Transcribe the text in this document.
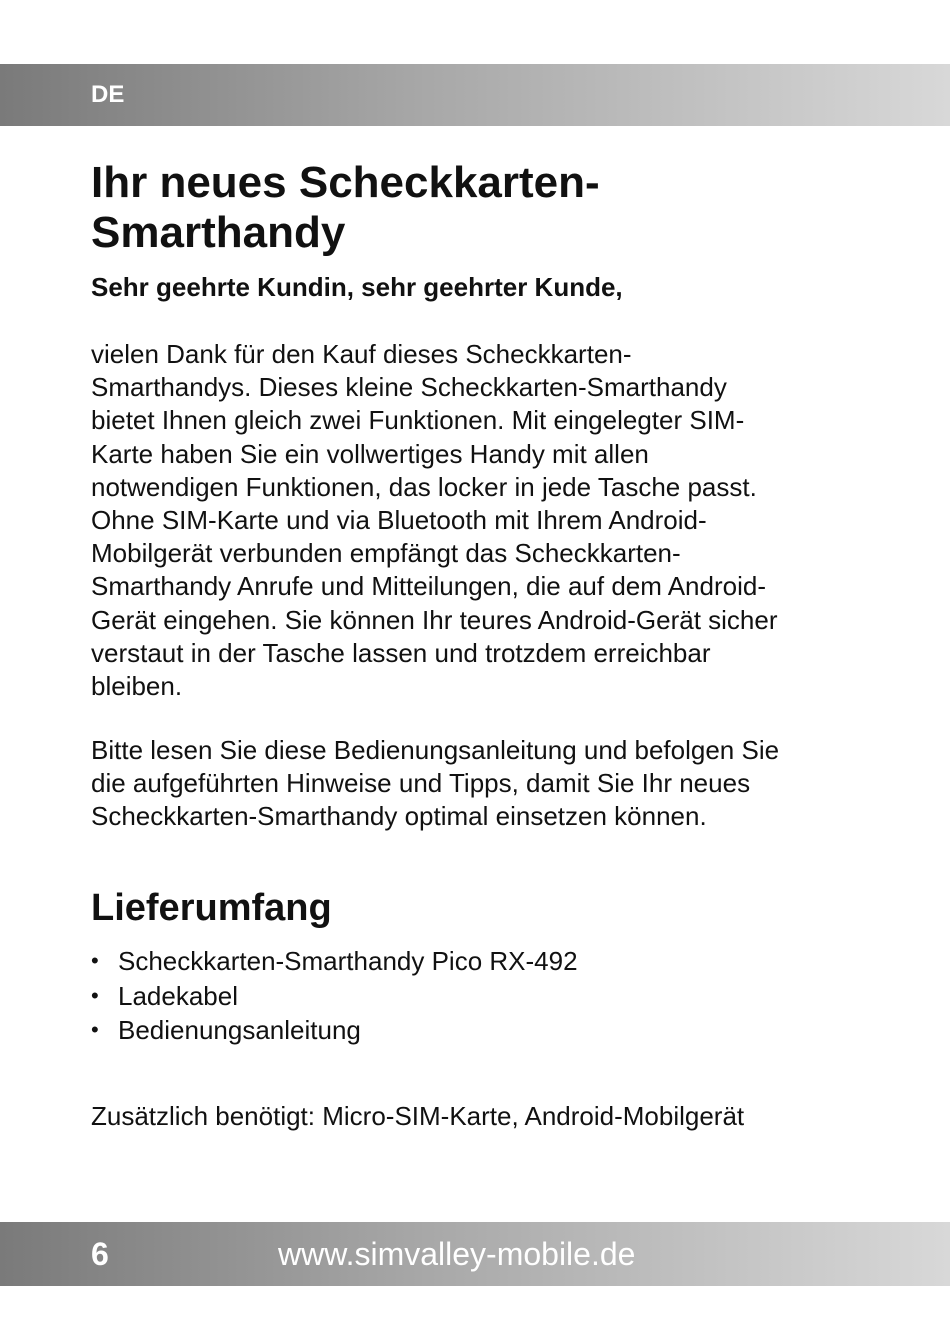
DE
Ihr neues Scheckkarten-
Smarthandy

Sehr geehrte Kundin, sehr geehrter Kunde,

vielen Dank für den Kauf dieses Scheckkarten-
Smarthandys. Dieses kleine Scheckkarten-Smarthandy
bietet Ihnen gleich zwei Funktionen. Mit eingelegter SIM-
Karte haben Sie ein vollwertiges Handy mit allen
notwendigen Funktionen, das locker in jede Tasche passt.
Ohne SIM-Karte und via Bluetooth mit Ihrem Android-
Mobilgerät verbunden empfängt das Scheckkarten-
Smarthandy Anrufe und Mitteilungen, die auf dem Android-
Gerät eingehen. Sie können Ihr teures Android-Gerät sicher
verstaut in der Tasche lassen und trotzdem erreichbar
bleiben.

Bitte lesen Sie diese Bedienungsanleitung und befolgen Sie
die aufgeführten Hinweise und Tipps, damit Sie Ihr neues
Scheckkarten-Smarthandy optimal einsetzen können.

Lieferumfang
• Scheckkarten-Smarthandy Pico RX-492
• Ladekabel
• Bedienungsanleitung

Zusätzlich benötigt: Micro-SIM-Karte, Android-Mobilgerät

6	www.simvalley-mobile.de
